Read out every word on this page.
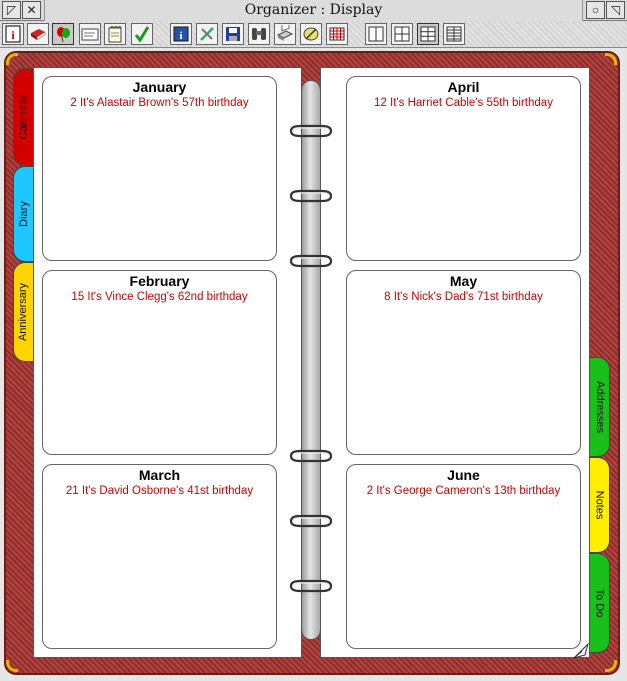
◸ ✕	Organizer : Display	○ ◹
i	i
Calendar
Diary
Anniversary
Addresses
Notes
To Do
January
2 It's Alastair Brown's 57th birthday
February
15 It's Vince Clegg's 62nd birthday
March
21 It's David Osborne's 41st birthday
April
12 It's Harriet Cable's 55th birthday
May
8 It's Nick's Dad's 71st birthday
June
2 It's George Cameron's 13th birthday
